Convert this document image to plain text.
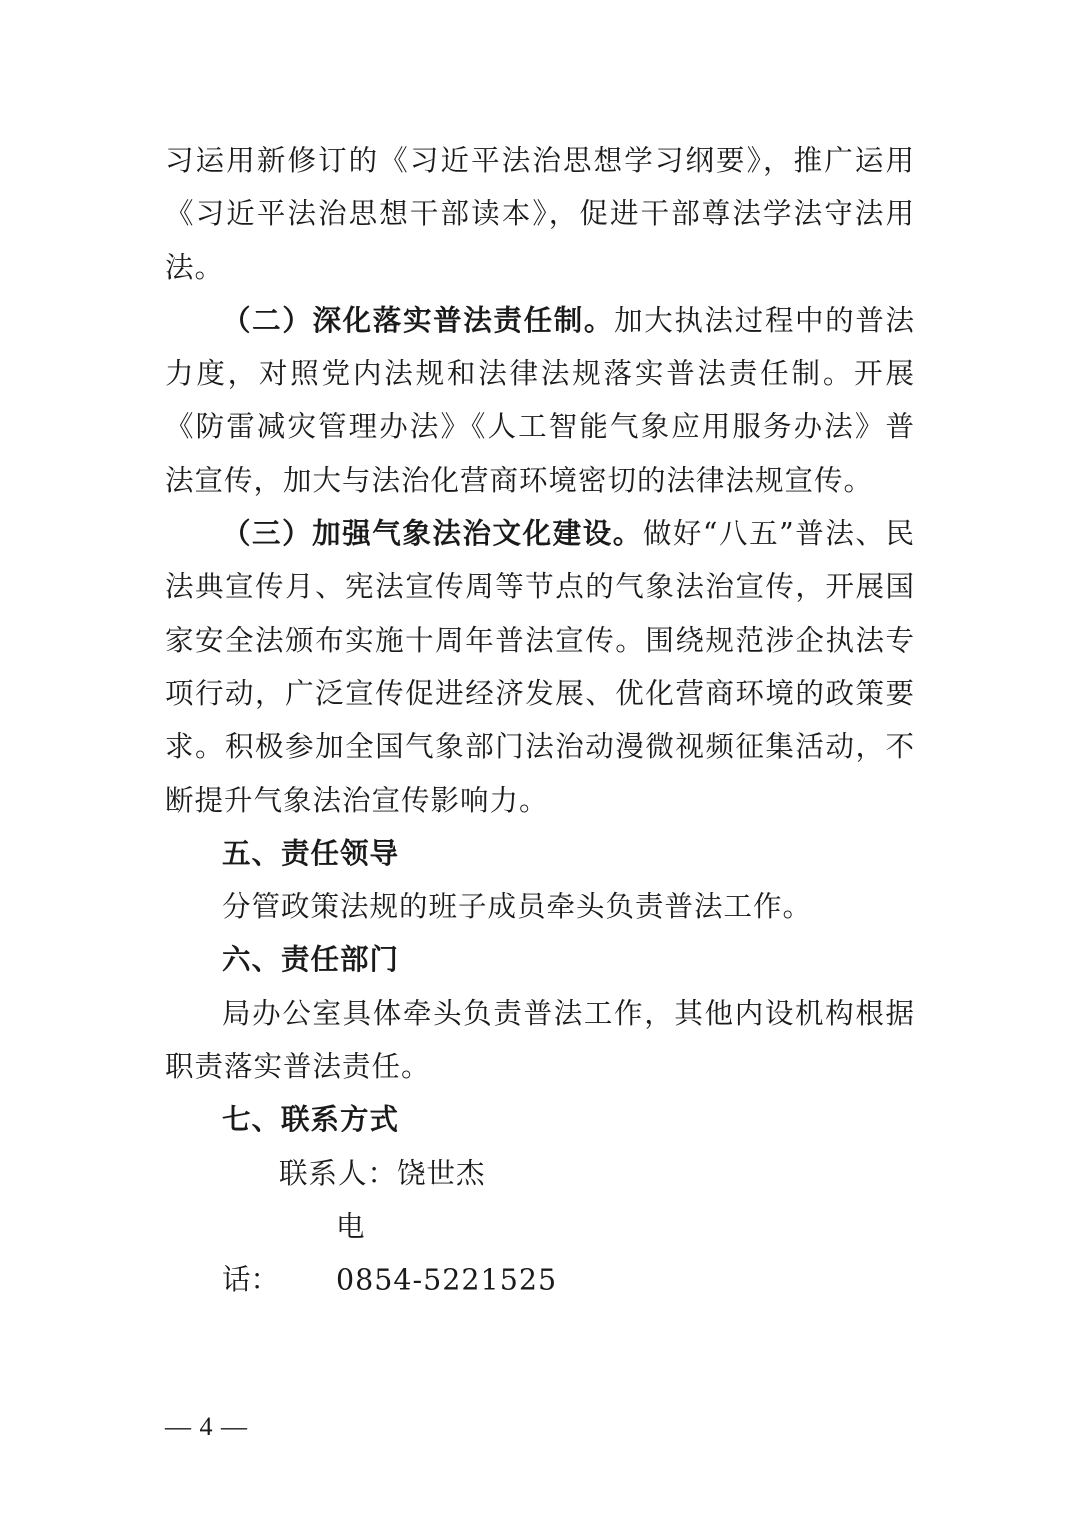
习运用新修订的《习近平法治思想学习纲要》，推广运用《习近平法治思想干部读本》，促进干部尊法学法守法用法。

（二）深化落实普法责任制。加大执法过程中的普法力度，对照党内法规和法律法规落实普法责任制。开展《防雷减灾管理办法》《人工智能气象应用服务办法》普法宣传，加大与法治化营商环境密切的法律法规宣传。

（三）加强气象法治文化建设。做好“八五”普法、民法典宣传月、宪法宣传周等节点的气象法治宣传，开展国家安全法颁布实施十周年普法宣传。围绕规范涉企执法专项行动，广泛宣传促进经济发展、优化营商环境的政策要求。积极参加全国气象部门法治动漫微视频征集活动，不断提升气象法治宣传影响力。

五、责任领导

分管政策法规的班子成员牵头负责普法工作。

六、责任部门

局办公室具体牵头负责普法工作，其他内设机构根据职责落实普法责任。

七、联系方式

联系人：饶世杰

电话： 0854-5221525

— 4 —
